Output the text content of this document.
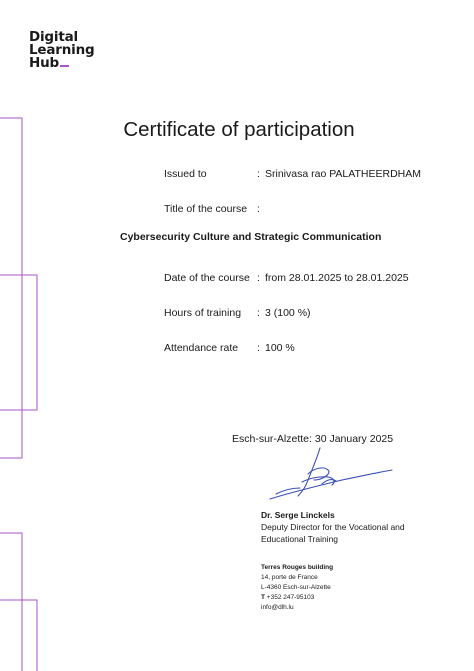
Digital
Learning
Hub
Certificate of participation
Issued to	: Srinivasa rao PALATHEERDHAM
Title of the course :
Cybersecurity Culture and Strategic Communication
Date of the course : from 28.01.2025 to 28.01.2025
Hours of training : 3 (100 %)
Attendance rate : 100 %
Esch-sur-Alzette: 30 January 2025
Dr. Serge Linckels
Deputy Director for the Vocational and Educational Training
Terres Rouges building
14, porte de France
L-4360 Esch-sur-Alzette
T +352 247-95103
info@dlh.lu
